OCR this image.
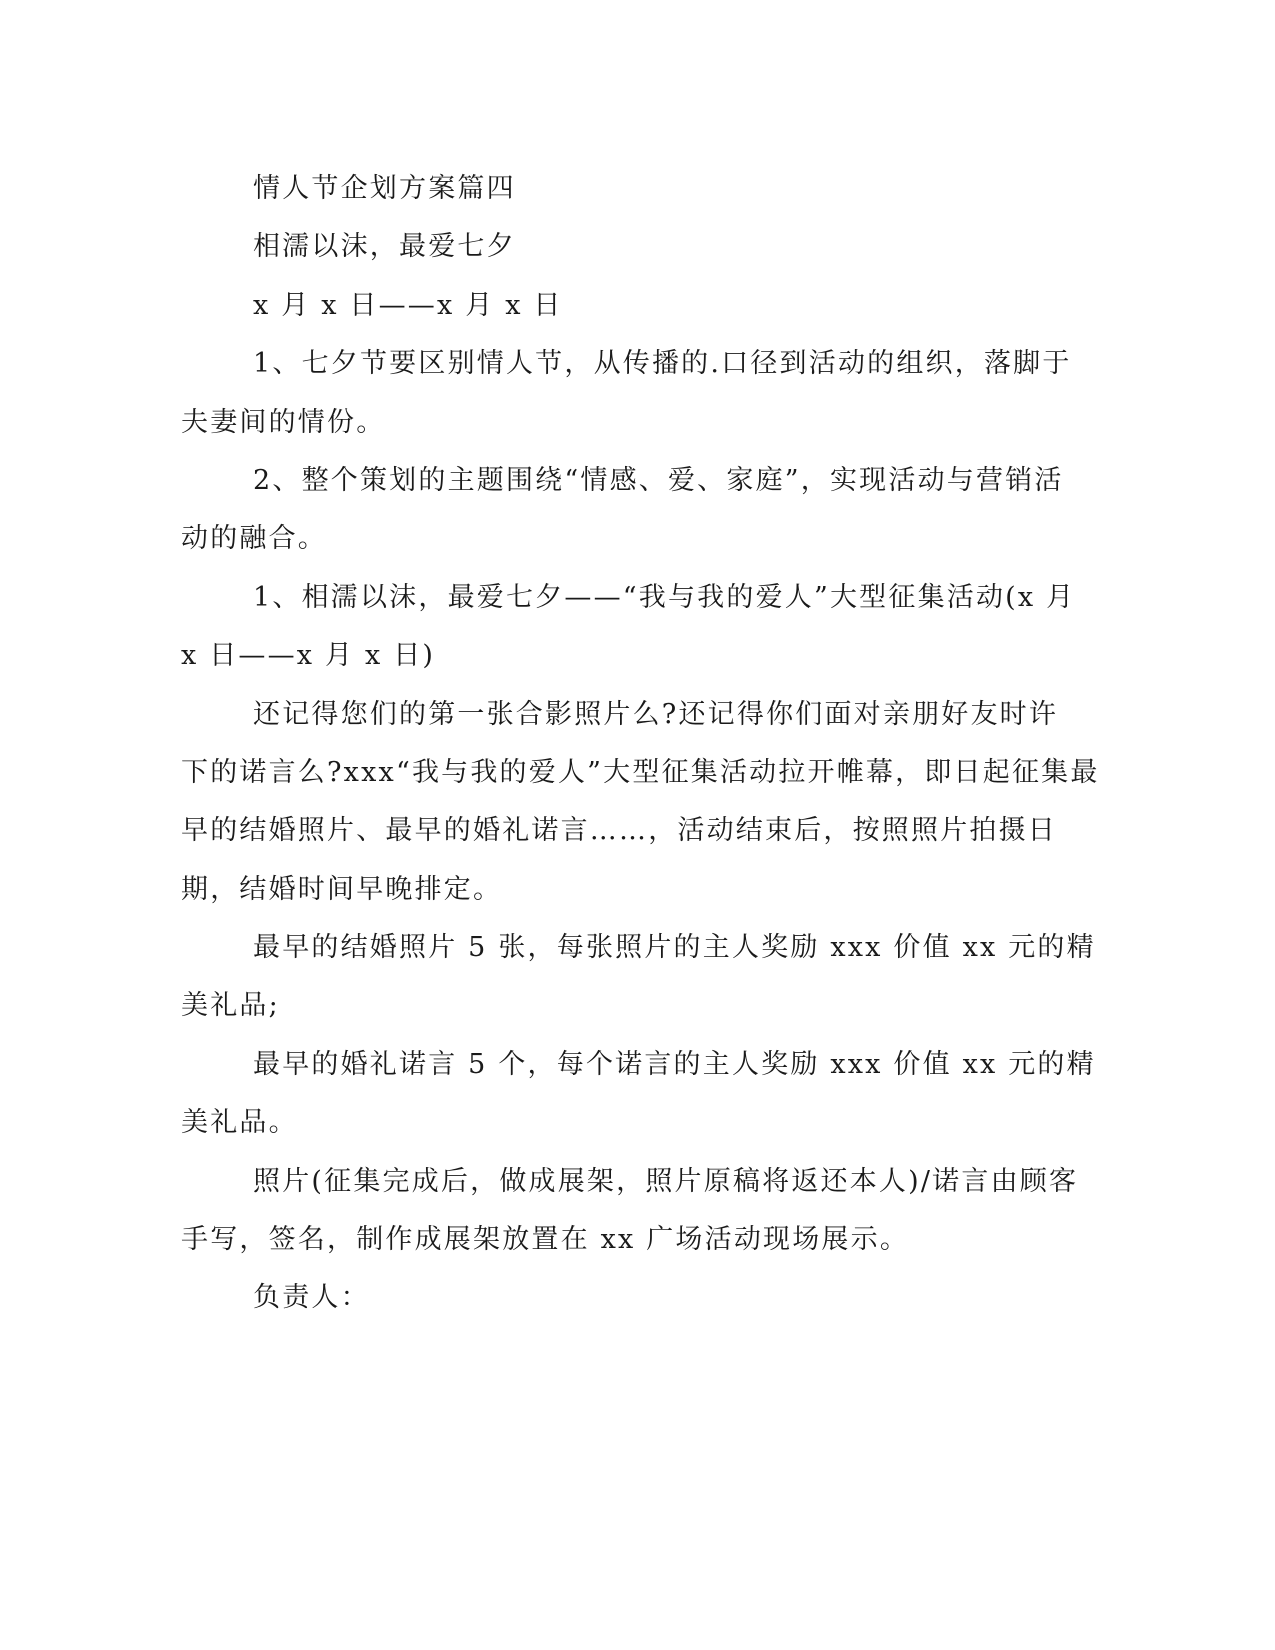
情人节企划方案篇四
相濡以沫，最爱七夕
x 月 x 日——x 月 x 日
1、七夕节要区别情人节，从传播的.口径到活动的组织，落脚于
夫妻间的情份。
2、整个策划的主题围绕“情感、爱、家庭”，实现活动与营销活
动的融合。
1、相濡以沫，最爱七夕——“我与我的爱人”大型征集活动(x 月
x 日——x 月 x 日)
还记得您们的第一张合影照片么?还记得你们面对亲朋好友时许
下的诺言么?xxx“我与我的爱人”大型征集活动拉开帷幕，即日起征集最
早的结婚照片、最早的婚礼诺言……，活动结束后，按照照片拍摄日
期，结婚时间早晚排定。
最早的结婚照片 5 张，每张照片的主人奖励 xxx 价值 xx 元的精
美礼品;
最早的婚礼诺言 5 个，每个诺言的主人奖励 xxx 价值 xx 元的精
美礼品。
照片(征集完成后，做成展架，照片原稿将返还本人)/诺言由顾客
手写，签名，制作成展架放置在 xx 广场活动现场展示。
负责人：
